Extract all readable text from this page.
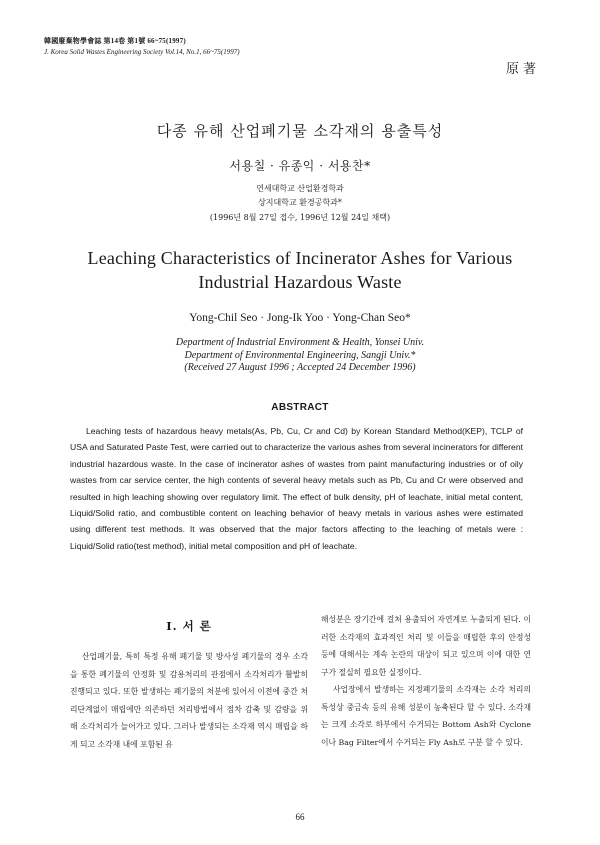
韓國廢棄物學會誌 第14卷 第1號 66~75(1997)
J. Korea Solid Wastes Engineering Society Vol.14, No.1, 66~75(1997)
原著
다종 유해 산업폐기물 소각재의 용출특성
서용칠 · 유종익 · 서용찬*
연세대학교 산업환경학과
상지대학교 환경공학과*
(1996년 8월 27일 접수, 1996년 12월 24일 채택)
Leaching Characteristics of Incinerator Ashes for Various
Industrial Hazardous Waste
Yong-Chil Seo · Jong-Ik Yoo · Yong-Chan Seo*
Department of Industrial Environment & Health, Yonsei Univ.
Department of Environmental Engineering, Sangji Univ.*
(Received 27 August 1996 ; Accepted 24 December 1996)
ABSTRACT

Leaching tests of hazardous heavy metals(As, Pb, Cu, Cr and Cd) by Korean Standard Method(KEP), TCLP of USA and Saturated Paste Test, were carried out to characterize the various ashes from several incinerators for different industrial hazardous waste. In the case of incinerator ashes of wastes from paint manufacturing industries or of oily wastes from car service center, the high contents of several heavy metals such as Pb, Cu and Cr were observed and resulted in high leaching showing over regulatory limit. The effect of bulk density, pH of leachate, initial metal content, Liquid/Solid ratio, and combustible content on leaching behavior of heavy metals in various ashes were estimated using different test methods. It was observed that the major factors affecting to the leaching of metals were : Liquid/Solid ratio(test method), initial metal composition and pH of leachate.

Ⅰ. 서 론

산업폐기물, 특히 특정 유해 폐기물 및 방사성 폐기물의 경우 소각을 통한 폐기물의 안정화 및 감용처리의 관점에서 소각처리가 활발히 진행되고 있다. 또한 발생하는 폐기물의 처분에 있어서 이전에 중간 처리단계없이 매립에만 의존하던 처리방법에서 점차 감축 및 감량을 위해 소각처리가 늘어가고 있다. 그러나 발생되는 소각재 역시 매립을 하게 되고 소각재 내에 포함된 유

해성분은 장기간에 걸쳐 용출되어 자연계로 누출되게 된다. 이러한 소각재의 효과적인 처리 및 이들을 매립한 후의 안정성 등에 대해서는 계속 논란의 대상이 되고 있으며 이에 대한 연구가 절실히 필요한 실정이다.

사업장에서 발생하는 지정폐기물의 소각재는 소각 처리의 특성상 중금속 등의 유해 성분이 농축된다 할 수 있다. 소각재는 크게 소각로 하부에서 수거되는 Bottom Ash와 Cyclone이나 Bag Filter에서 수거되는 Fly Ash로 구분 할 수 있다.

66
